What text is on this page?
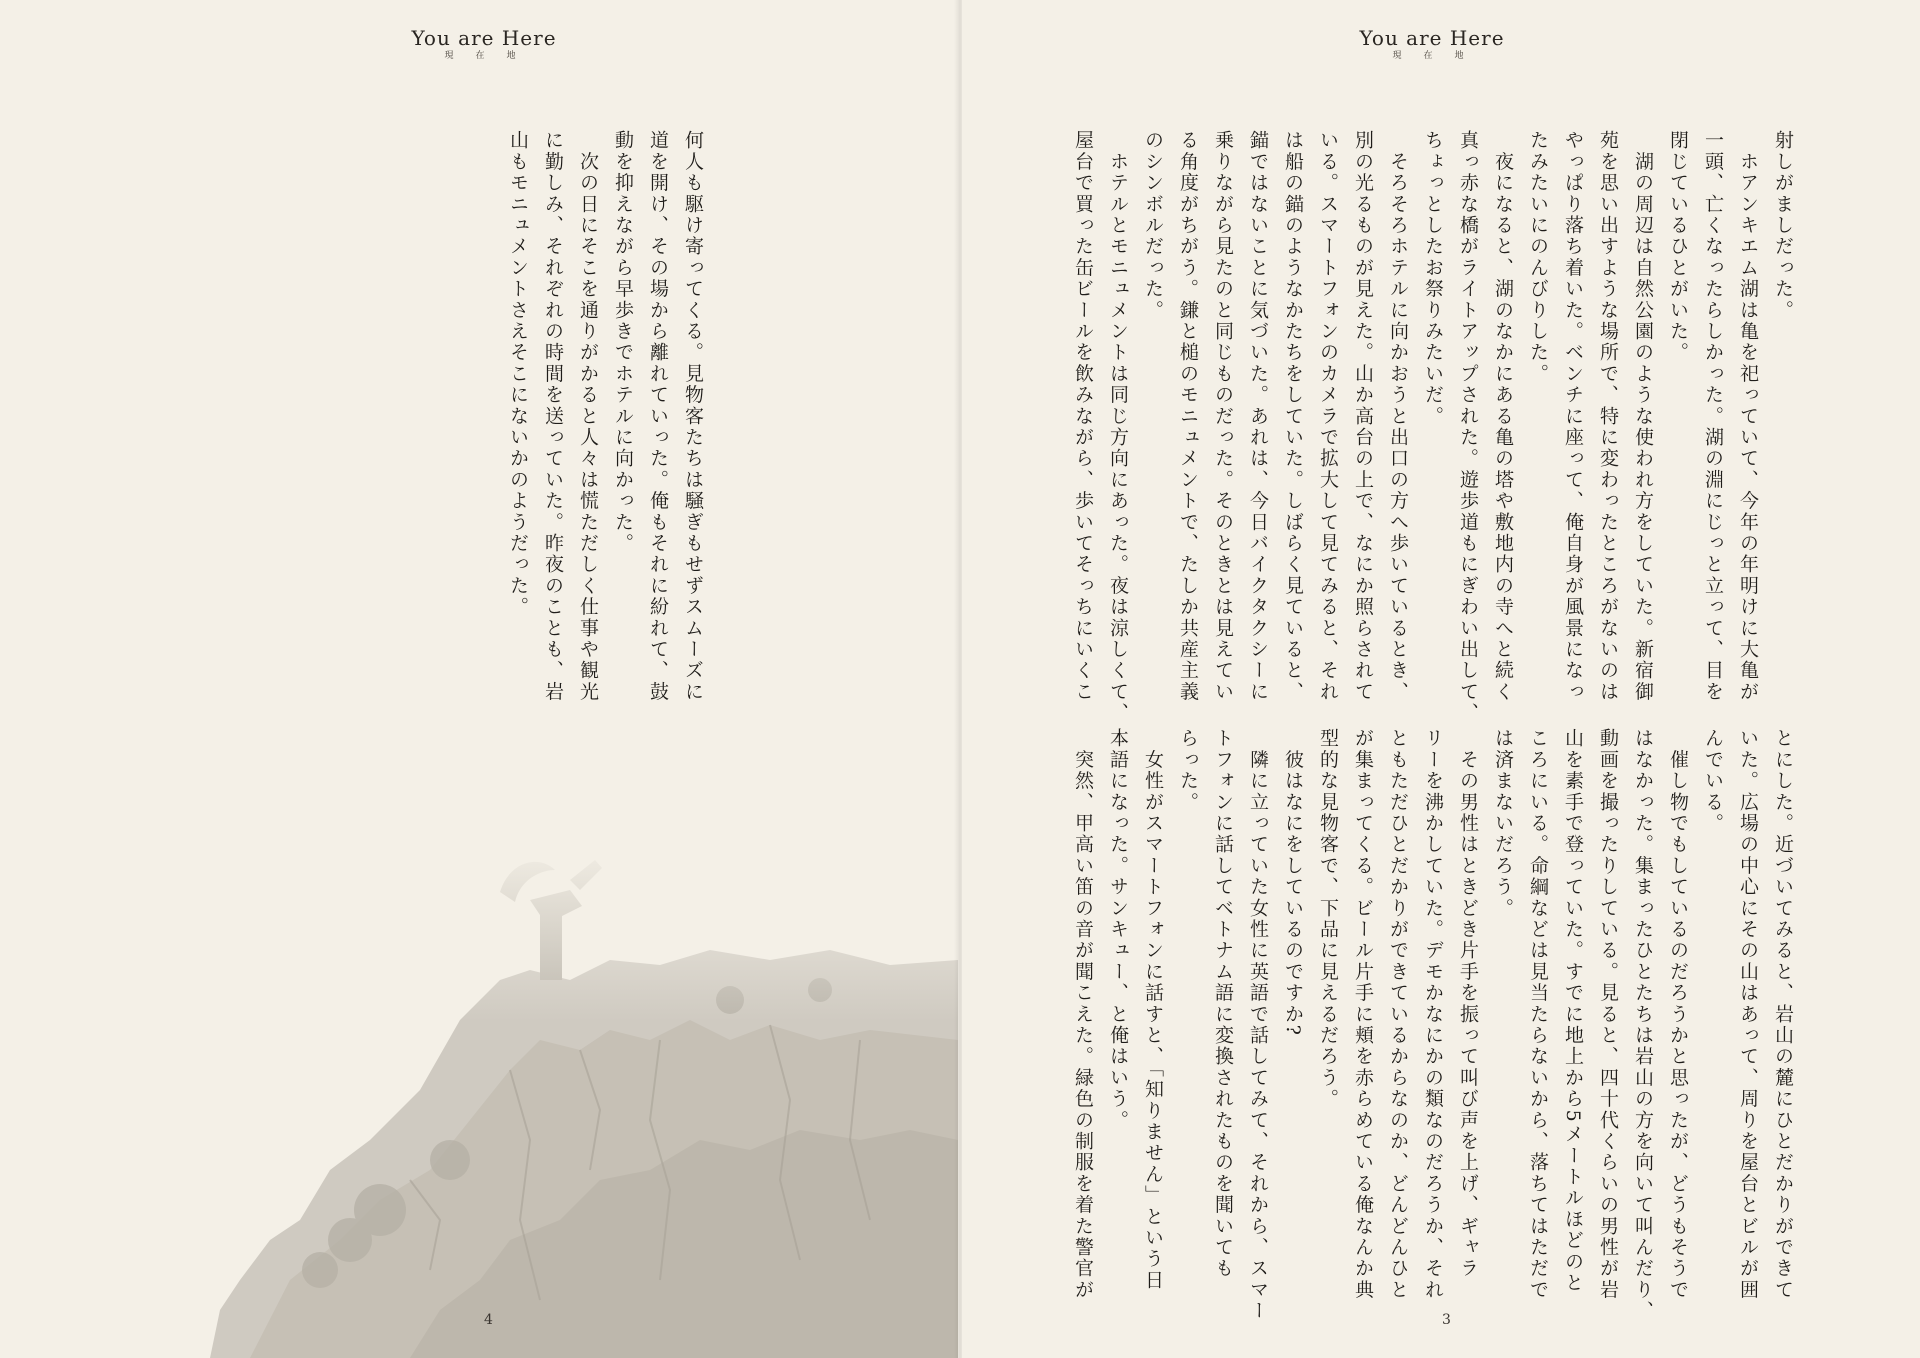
You are Here
現在地

何人も駆け寄ってくる。見物客たちは騒ぎもせずスムーズに

道を開け、その場から離れていった。俺もそれに紛れて、鼓

動を抑えながら早歩きでホテルに向かった。

　次の日にそこを通りがかると人々は慌ただしく仕事や観光

に勤しみ、それぞれの時間を送っていた。昨夜のことも、岩

山もモニュメントさえそこにないかのようだった。

4
You are Here
現在地

射しがましだった。

　ホアンキエム湖は亀を祀っていて、今年の年明けに大亀が

一頭、亡くなったらしかった。湖の淵にじっと立って、目を

閉じているひとがいた。

　湖の周辺は自然公園のような使われ方をしていた。新宿御

苑を思い出すような場所で、特に変わったところがないのは

やっぱり落ち着いた。ベンチに座って、俺自身が風景になっ

たみたいにのんびりした。

　夜になると、湖のなかにある亀の塔や敷地内の寺へと続く

真っ赤な橋がライトアップされた。遊歩道もにぎわい出して、

ちょっとしたお祭りみたいだ。

　そろそろホテルに向かおうと出口の方へ歩いているとき、

別の光るものが見えた。山か高台の上で、なにか照らされて

いる。スマートフォンのカメラで拡大して見てみると、それ

は船の錨のようなかたちをしていた。しばらく見ていると、

錨ではないことに気づいた。あれは、今日バイクタクシーに

乗りながら見たのと同じものだった。そのときとは見えてい

る角度がちがう。鎌と槌のモニュメントで、たしか共産主義

のシンボルだった。

　ホテルとモニュメントは同じ方向にあった。夜は涼しくて、

屋台で買った缶ビールを飲みながら、歩いてそっちにいくこ

とにした。近づいてみると、岩山の麓にひとだかりができて

いた。広場の中心にその山はあって、周りを屋台とビルが囲

んでいる。

　催し物でもしているのだろうかと思ったが、どうもそうで

はなかった。集まったひとたちは岩山の方を向いて叫んだり、

動画を撮ったりしている。見ると、四十代くらいの男性が岩

山を素手で登っていた。すでに地上から5メートルほどのと

ころにいる。命綱などは見当たらないから、落ちてはただで

は済まないだろう。

　その男性はときどき片手を振って叫び声を上げ、ギャラ

リーを沸かしていた。デモかなにかの類なのだろうか、それ

ともただひとだかりができているからなのか、どんどんひと

が集まってくる。ビール片手に頬を赤らめている俺なんか典

型的な見物客で、下品に見えるだろう。

　彼はなにをしているのですか?

　隣に立っていた女性に英語で話してみて、それから、スマー

トフォンに話してベトナム語に変換されたものを聞いても

らった。

　女性がスマートフォンに話すと、「知りません」という日

本語になった。サンキュー、と俺はいう。

　突然、甲高い笛の音が聞こえた。緑色の制服を着た警官が

3
